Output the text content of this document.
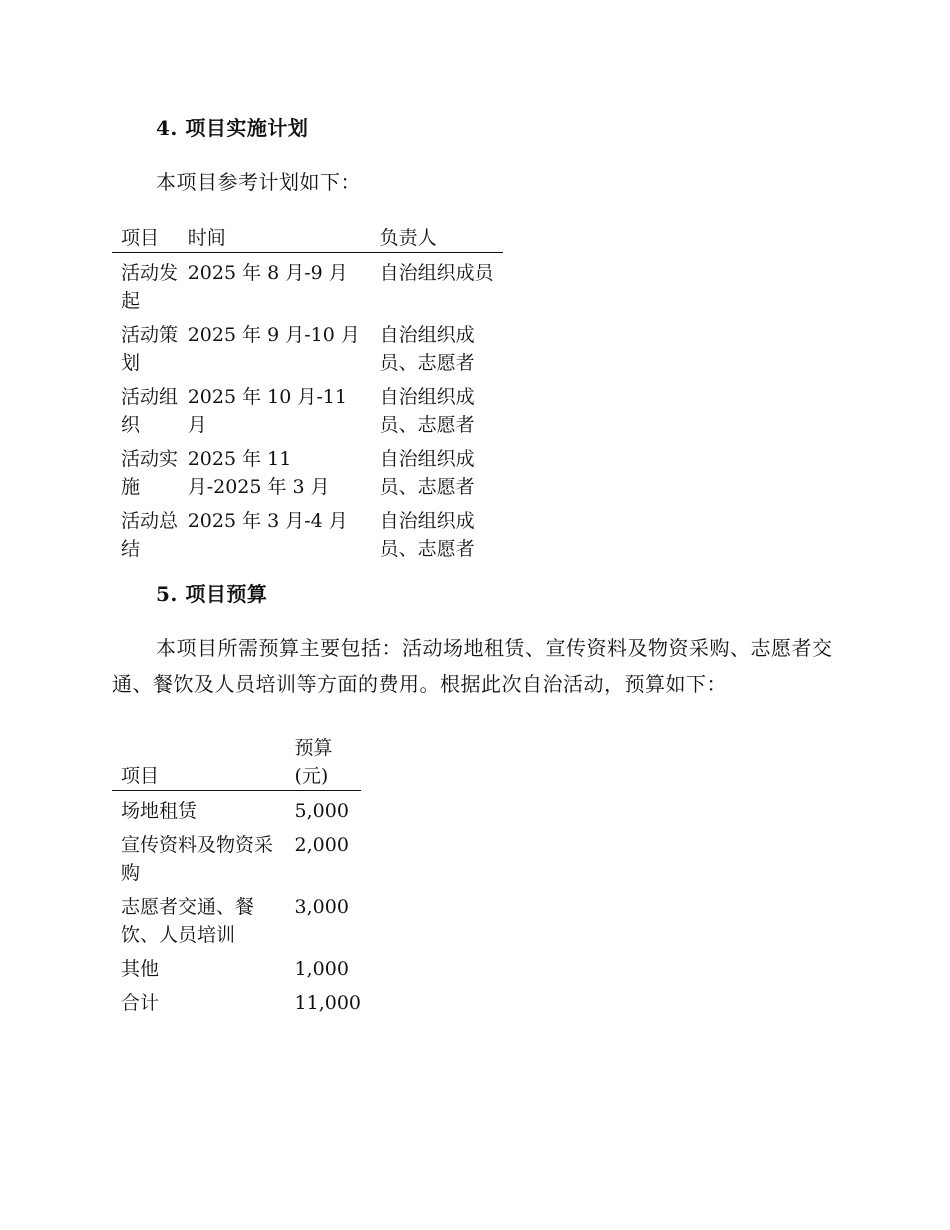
4. 项目实施计划

本项目参考计划如下：

项目	时间	负责人
活动发起	2025 年 8 月-9 月	自治组织成员
活动策划	2025 年 9 月-10 月	自治组织成员、志愿者
活动组织	2025 年 10 月-11 月	自治组织成员、志愿者
活动实施	2025 年 11 月-2025 年 3 月	自治组织成员、志愿者
活动总结	2025 年 3 月-4 月	自治组织成员、志愿者
5. 项目预算

本项目所需预算主要包括：活动场地租赁、宣传资料及物资采购、志愿者交通、餐饮及人员培训等方面的费用。根据此次自治活动，预算如下：

项目	预算 (元)
场地租赁	5,000
宣传资料及物资采购	2,000
志愿者交通、餐饮、人员培训	3,000
其他	1,000
合计	11,000
